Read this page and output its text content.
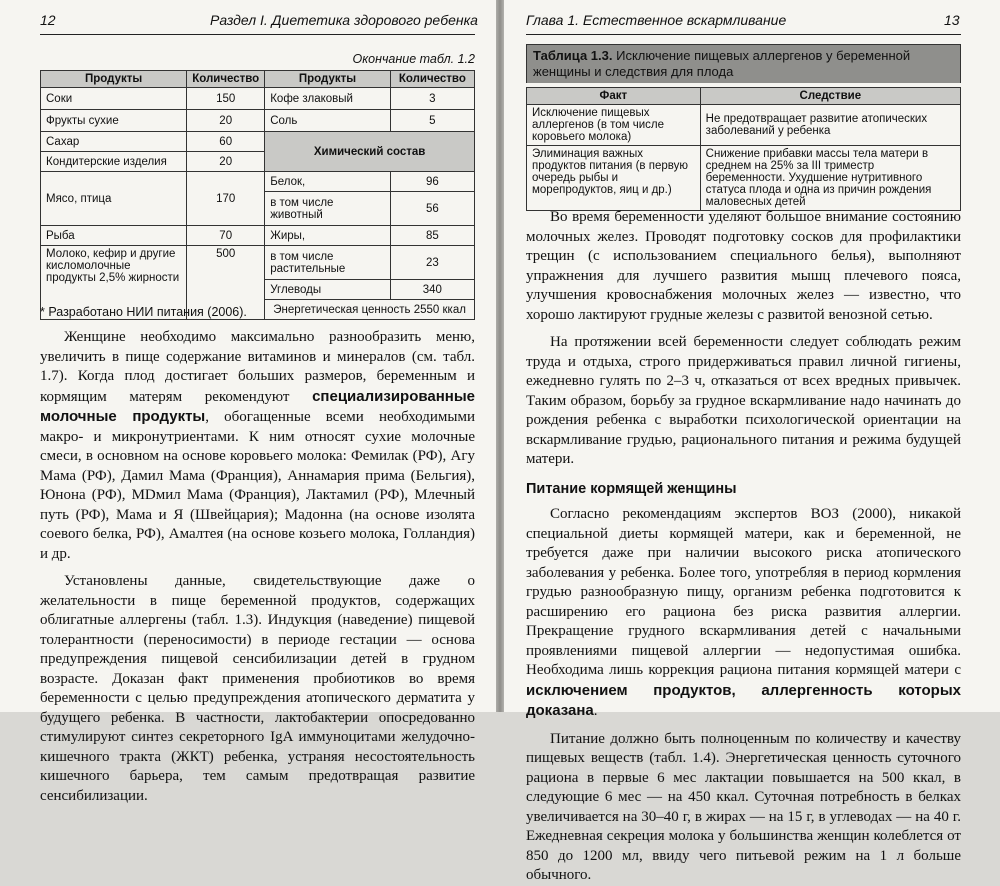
12	Раздел I. Диететика здорового ребенка
Окончание табл. 1.2
Продукты	Количество	Продукты	Количество
Соки	150	Кофе злаковый	3
Фрукты сухие	20	Соль	5
Сахар	60	Химический состав	
Кондитерские изделия	20		
Мясо, птица	170	Белок,	96
		в том числе животный	56
Рыба	70	Жиры,	85
Молоко, кефир и другие кисломолочные продукты 2,5% жирности	500	в том числе растительные	23
		Углеводы	340
		Энергетическая ценность 2550 ккал	
* Разработано НИИ питания (2006).

Женщине необходимо максимально разнообразить меню, увеличить в пище содержание витаминов и минералов (см. табл. 1.7). Когда плод достигает больших размеров, беременным и кормящим матерям рекомендуют специализированные молочные продукты, обогащенные всеми необходимыми макро- и микронутриентами. К ним относят сухие молочные смеси, в основном на основе коровьего молока: Фемилак (РФ), Агу Мама (РФ), Дамил Мама (Франция), Аннамария прима (Бельгия), Юнона (РФ), MDмил Мама (Франция), Лактамил (РФ), Млечный путь (РФ), Мама и Я (Швейцария); Мадонна (на основе изолята соевого белка, РФ), Амалтея (на основе козьего молока, Голландия) и др.

Установлены данные, свидетельствующие даже о желательности в пище беременной продуктов, содержащих облигатные аллергены (табл. 1.3). Индукция (наведение) пищевой толерантности (переносимости) в периоде гестации — основа предупреждения пищевой сенсибилизации детей в грудном возрасте. Доказан факт применения пробиотиков во время беременности с целью предупреждения атопического дерматита у будущего ребенка. В частности, лактобактерии опосредованно стимулируют синтез секреторного IgA иммуноцитами желудочно-кишечного тракта (ЖКТ) ребенка, устраняя несостоятельность кишечного барьера, тем самым предотвращая развитие сенсибилизации.

Глава 1. Естественное вскармливание	13
Таблица 1.3. Исключение пищевых аллергенов у беременной женщины и следствия для плода
Факт	Следствие
Исключение пищевых аллергенов (в том числе коровьего молока)	Не предотвращает развитие атопических заболеваний у ребенка
Элиминация важных продуктов питания (в первую очередь рыбы и морепродуктов, яиц и др.)	Снижение прибавки массы тела матери в среднем на 25% за III триместр беременности. Ухудшение нутритивного статуса плода и одна из причин рождения маловесных детей

Во время беременности уделяют большое внимание состоянию молочных желез. Проводят подготовку сосков для профилактики трещин (с использованием специального белья), выполняют упражнения для лучшего развития мышц плечевого пояса, улучшения кровоснабжения молочных желез — известно, что хорошо лактируют грудные железы с развитой венозной сетью.

На протяжении всей беременности следует соблюдать режим труда и отдыха, строго придерживаться правил личной гигиены, ежедневно гулять по 2–3 ч, отказаться от всех вредных привычек. Таким образом, борьбу за грудное вскармливание надо начинать до рождения ребенка с выработки психологической ориентации на вскармливание грудью, рационального питания и режима будущей матери.

Питание кормящей женщины

Согласно рекомендациям экспертов ВОЗ (2000), никакой специальной диеты кормящей матери, как и беременной, не требуется даже при наличии высокого риска атопического заболевания у ребенка. Более того, употребляя в период кормления грудью разнообразную пищу, организм ребенка подготовится к расширению его рациона без риска развития аллергии. Прекращение грудного вскармливания детей с начальными проявлениями пищевой аллергии — недопустимая ошибка. Необходима лишь коррекция рациона питания кормящей матери с исключением продуктов, аллергенность которых доказана.

Питание должно быть полноценным по количеству и качеству пищевых веществ (табл. 1.4). Энергетическая ценность суточного рациона в первые 6 мес лактации повышается на 500 ккал, в следующие 6 мес — на 450 ккал. Суточная потребность в белках увеличивается на 30–40 г, в жирах — на 15 г, в углеводах — на 40 г. Ежедневная секреция молока у большинства женщин колеблется от 850 до 1200 мл, ввиду чего питьевой режим на 1 л больше обычного.
